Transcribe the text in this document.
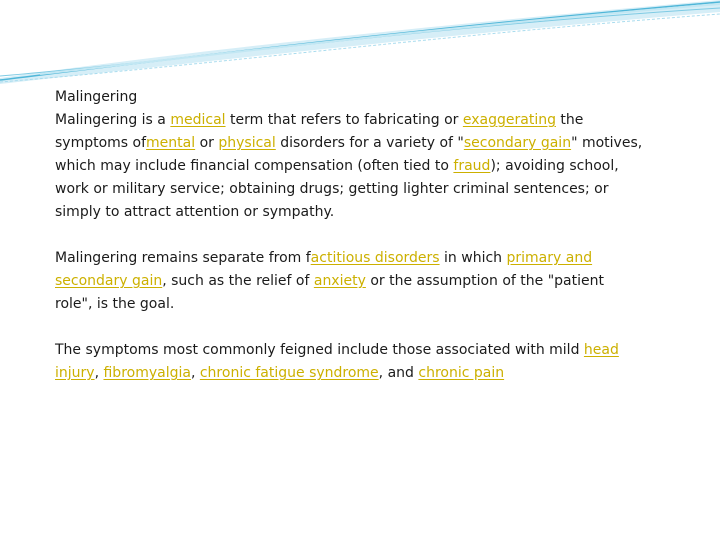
Malingering

Malingering is a medical term that refers to fabricating or exaggerating the symptoms ofmental or physical disorders for a variety of "secondary gain" motives, which may include financial compensation (often tied to fraud); avoiding school, work or military service; obtaining drugs; getting lighter criminal sentences; or simply to attract attention or sympathy.

Malingering remains separate from factitious disorders in which primary and secondary gain, such as the relief of anxiety or the assumption of the "patient role", is the goal.

The symptoms most commonly feigned include those associated with mild head injury, fibromyalgia, chronic fatigue syndrome, and chronic pain
